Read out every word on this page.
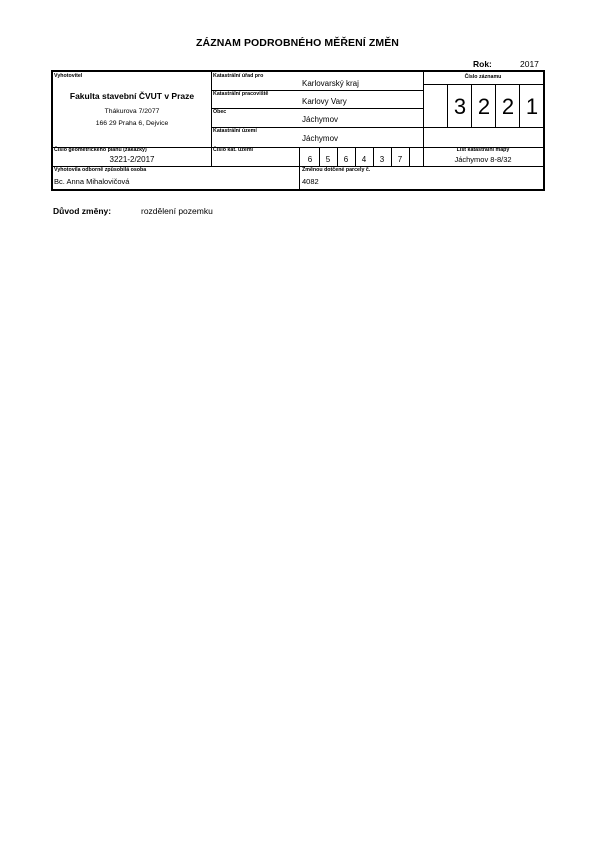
ZÁZNAM PODROBNÉHO MĚŘENÍ ZMĚN
Rok:	2017
Vyhotovitel
Fakulta stavební ČVUT v Praze
Thákurova 7/2077
166 29 Praha 6, Dejvice
Katastrální úřad pro
Karlovarský kraj
Katastrální pracoviště
Karlovy Vary
Obec
Jáchymov
Katastrální území
Jáchymov
Číslo záznamu
3 2 2 1
Číslo geometrického plánu (zakázky)
3221-2/2017
Číslo kat. území
6	5	6	4	3	7
List katastrální mapy
Jáchymov 8-8/32
Vyhotovila odborně způsobilá osoba
Bc. Anna Mihalovičová
Změnou dotčené parcely č.
4082
Důvod změny:	rozdělení pozemku
